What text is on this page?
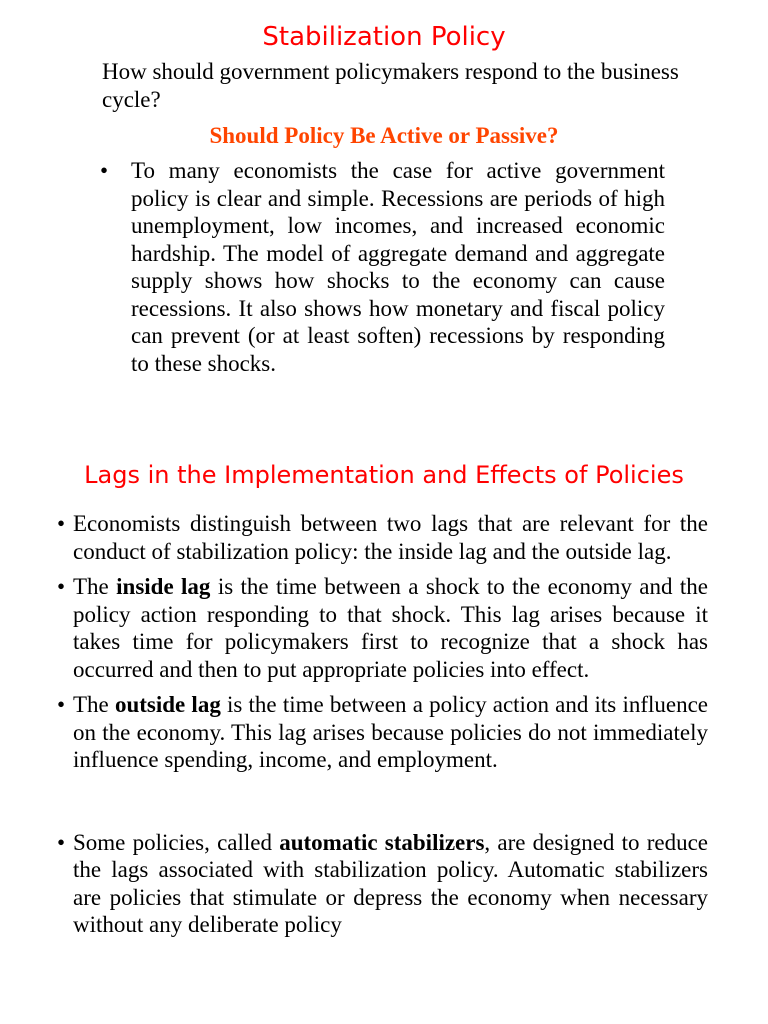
Stabilization Policy
How should government policymakers respond to the business cycle?
Should Policy Be Active or Passive?
• To many economists the case for active government policy is clear and simple. Recessions are periods of high unemployment, low incomes, and increased economic hardship. The model of aggregate demand and aggregate supply shows how shocks to the economy can cause recessions. It also shows how monetary and fiscal policy can prevent (or at least soften) recessions by responding to these shocks.
Lags in the Implementation and Effects of Policies
• Economists distinguish between two lags that are relevant for the conduct of stabilization policy: the inside lag and the outside lag.
• The inside lag is the time between a shock to the economy and the policy action responding to that shock. This lag arises because it takes time for policymakers first to recognize that a shock has occurred and then to put appropriate policies into effect.
• The outside lag is the time between a policy action and its influence on the economy. This lag arises because policies do not immediately influence spending, income, and employment.
• Some policies, called automatic stabilizers, are designed to reduce the lags associated with stabilization policy. Automatic stabilizers are policies that stimulate or depress the economy when necessary without any deliberate policy
